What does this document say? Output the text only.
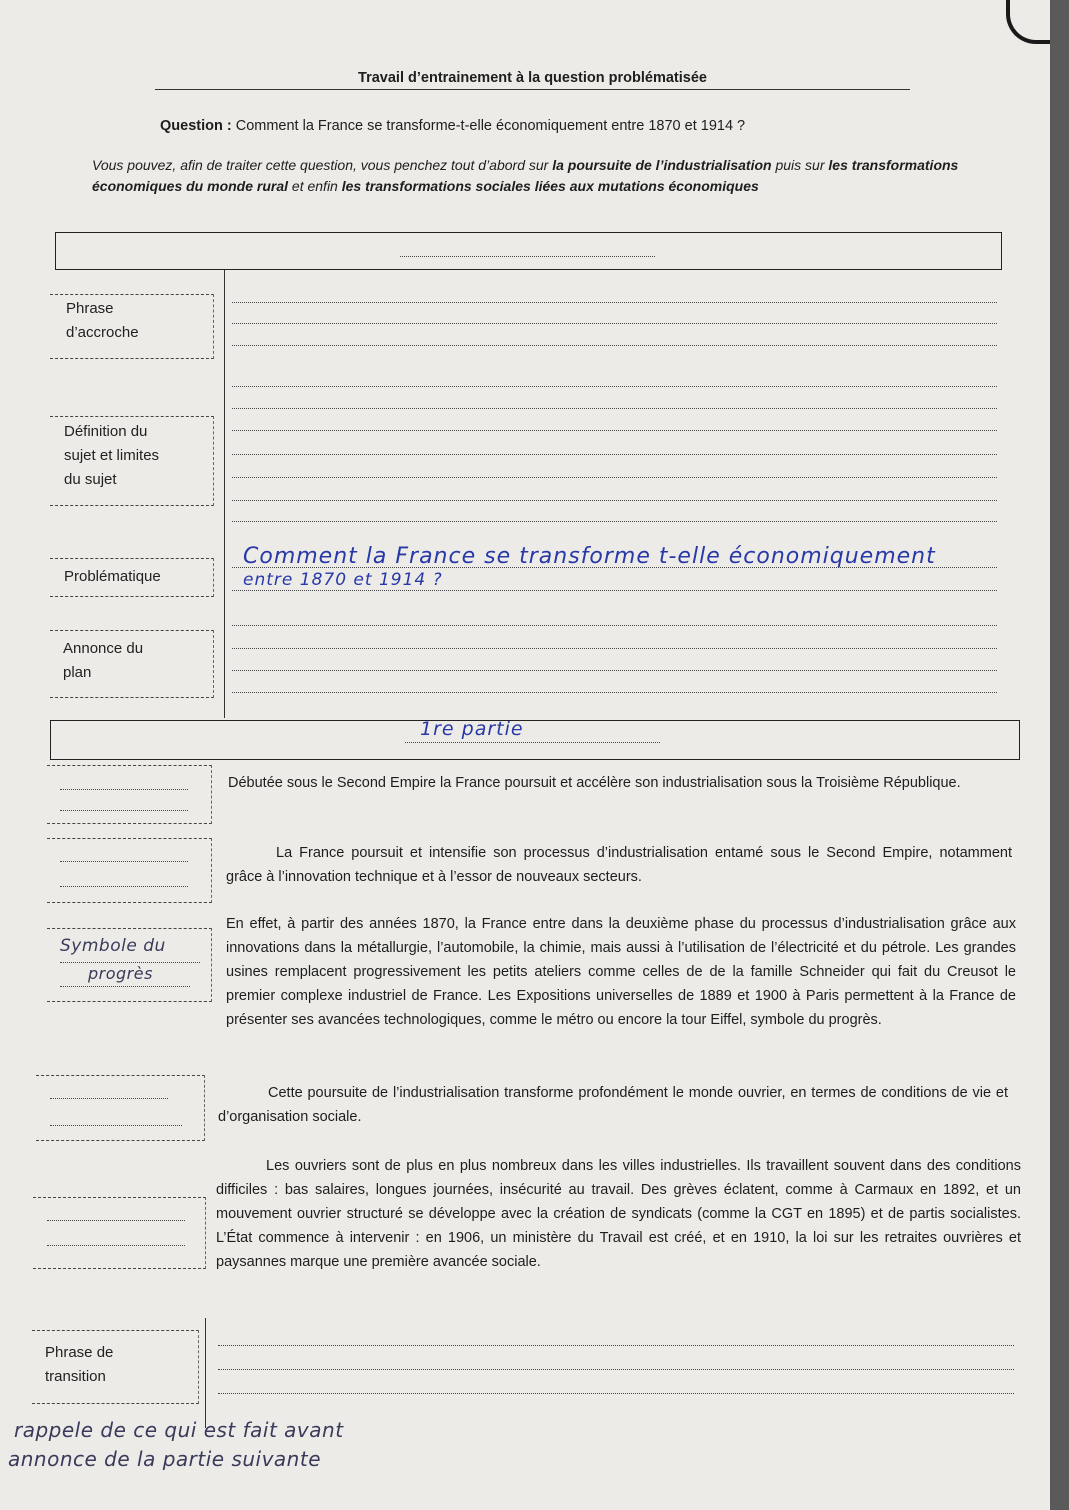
Travail d’entrainement à la question problématisée
Question : Comment la France se transforme-t-elle économiquement entre 1870 et 1914 ?
Vous pouvez, afin de traiter cette question, vous penchez tout d’abord sur la poursuite de l’industrialisation puis sur les transformations économiques du monde rural et enfin les transformations sociales liées aux mutations économiques
Phrase
d’accroche
Définition du
sujet et limites
du sujet
Problématique
Comment la France se transforme t-elle économiquement
entre 1870 et 1914 ?
Annonce du
plan
1re partie
Débutée sous le Second Empire la France poursuit et accélère son industrialisation sous la Troisième République.
La France poursuit et intensifie son processus d’industrialisation entamé sous le Second Empire, notamment grâce à l’innovation technique et à l’essor de nouveaux secteurs.
Symbole du
progrès
En effet, à partir des années 1870, la France entre dans la deuxième phase du processus d’industrialisation grâce aux innovations dans la métallurgie, l’automobile, la chimie, mais aussi à l’utilisation de l’électricité et du pétrole. Les grandes usines remplacent progressivement les petits ateliers comme celles de de la famille Schneider qui fait du Creusot le premier complexe industriel de France. Les Expositions universelles de 1889 et 1900 à Paris permettent à la France de présenter ses avancées technologiques, comme le métro ou encore la tour Eiffel, symbole du progrès.
Cette poursuite de l’industrialisation transforme profondément le monde ouvrier, en termes de conditions de vie et d’organisation sociale.
Les ouvriers sont de plus en plus nombreux dans les villes industrielles. Ils travaillent souvent dans des conditions difficiles : bas salaires, longues journées, insécurité au travail. Des grèves éclatent, comme à Carmaux en 1892, et un mouvement ouvrier structuré se développe avec la création de syndicats (comme la CGT en 1895) et de partis socialistes. L’État commence à intervenir : en 1906, un ministère du Travail est créé, et en 1910, la loi sur les retraites ouvrières et paysannes marque une première avancée sociale.
Phrase de
transition
rappele de ce qui est fait avant
annonce de la partie suivante
